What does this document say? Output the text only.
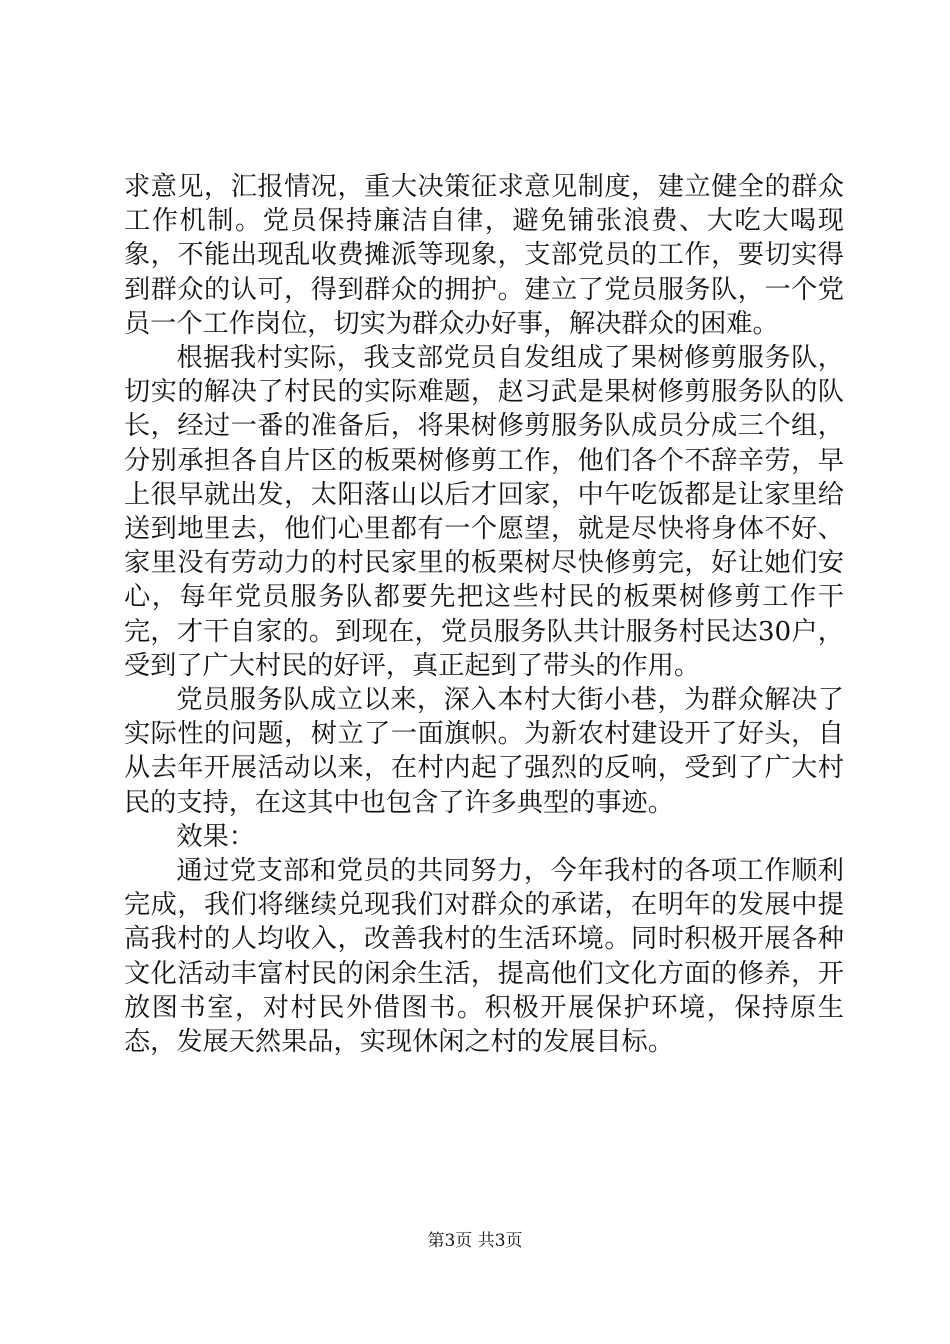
求意见，汇报情况，重大决策征求意见制度，建立健全的群众工作机制。党员保持廉洁自律，避免铺张浪费、大吃大喝现象，不能出现乱收费摊派等现象，支部党员的工作，要切实得到群众的认可，得到群众的拥护。建立了党员服务队，一个党员一个工作岗位，切实为群众办好事，解决群众的困难。

根据我村实际，我支部党员自发组成了果树修剪服务队，切实的解决了村民的实际难题，赵习武是果树修剪服务队的队长，经过一番的准备后，将果树修剪服务队成员分成三个组，分别承担各自片区的板栗树修剪工作，他们各个不辞辛劳，早上很早就出发，太阳落山以后才回家，中午吃饭都是让家里给送到地里去，他们心里都有一个愿望，就是尽快将身体不好、家里没有劳动力的村民家里的板栗树尽快修剪完，好让她们安心，每年党员服务队都要先把这些村民的板栗树修剪工作干完，才干自家的。到现在，党员服务队共计服务村民达30户，受到了广大村民的好评，真正起到了带头的作用。

党员服务队成立以来，深入本村大街小巷，为群众解决了实际性的问题，树立了一面旗帜。为新农村建设开了好头，自从去年开展活动以来，在村内起了强烈的反响，受到了广大村民的支持，在这其中也包含了许多典型的事迹。

效果：

通过党支部和党员的共同努力，今年我村的各项工作顺利完成，我们将继续兑现我们对群众的承诺，在明年的发展中提高我村的人均收入，改善我村的生活环境。同时积极开展各种文化活动丰富村民的闲余生活，提高他们文化方面的修养，开放图书室，对村民外借图书。积极开展保护环境，保持原生态，发展天然果品，实现休闲之村的发展目标。

第3页 共3页
